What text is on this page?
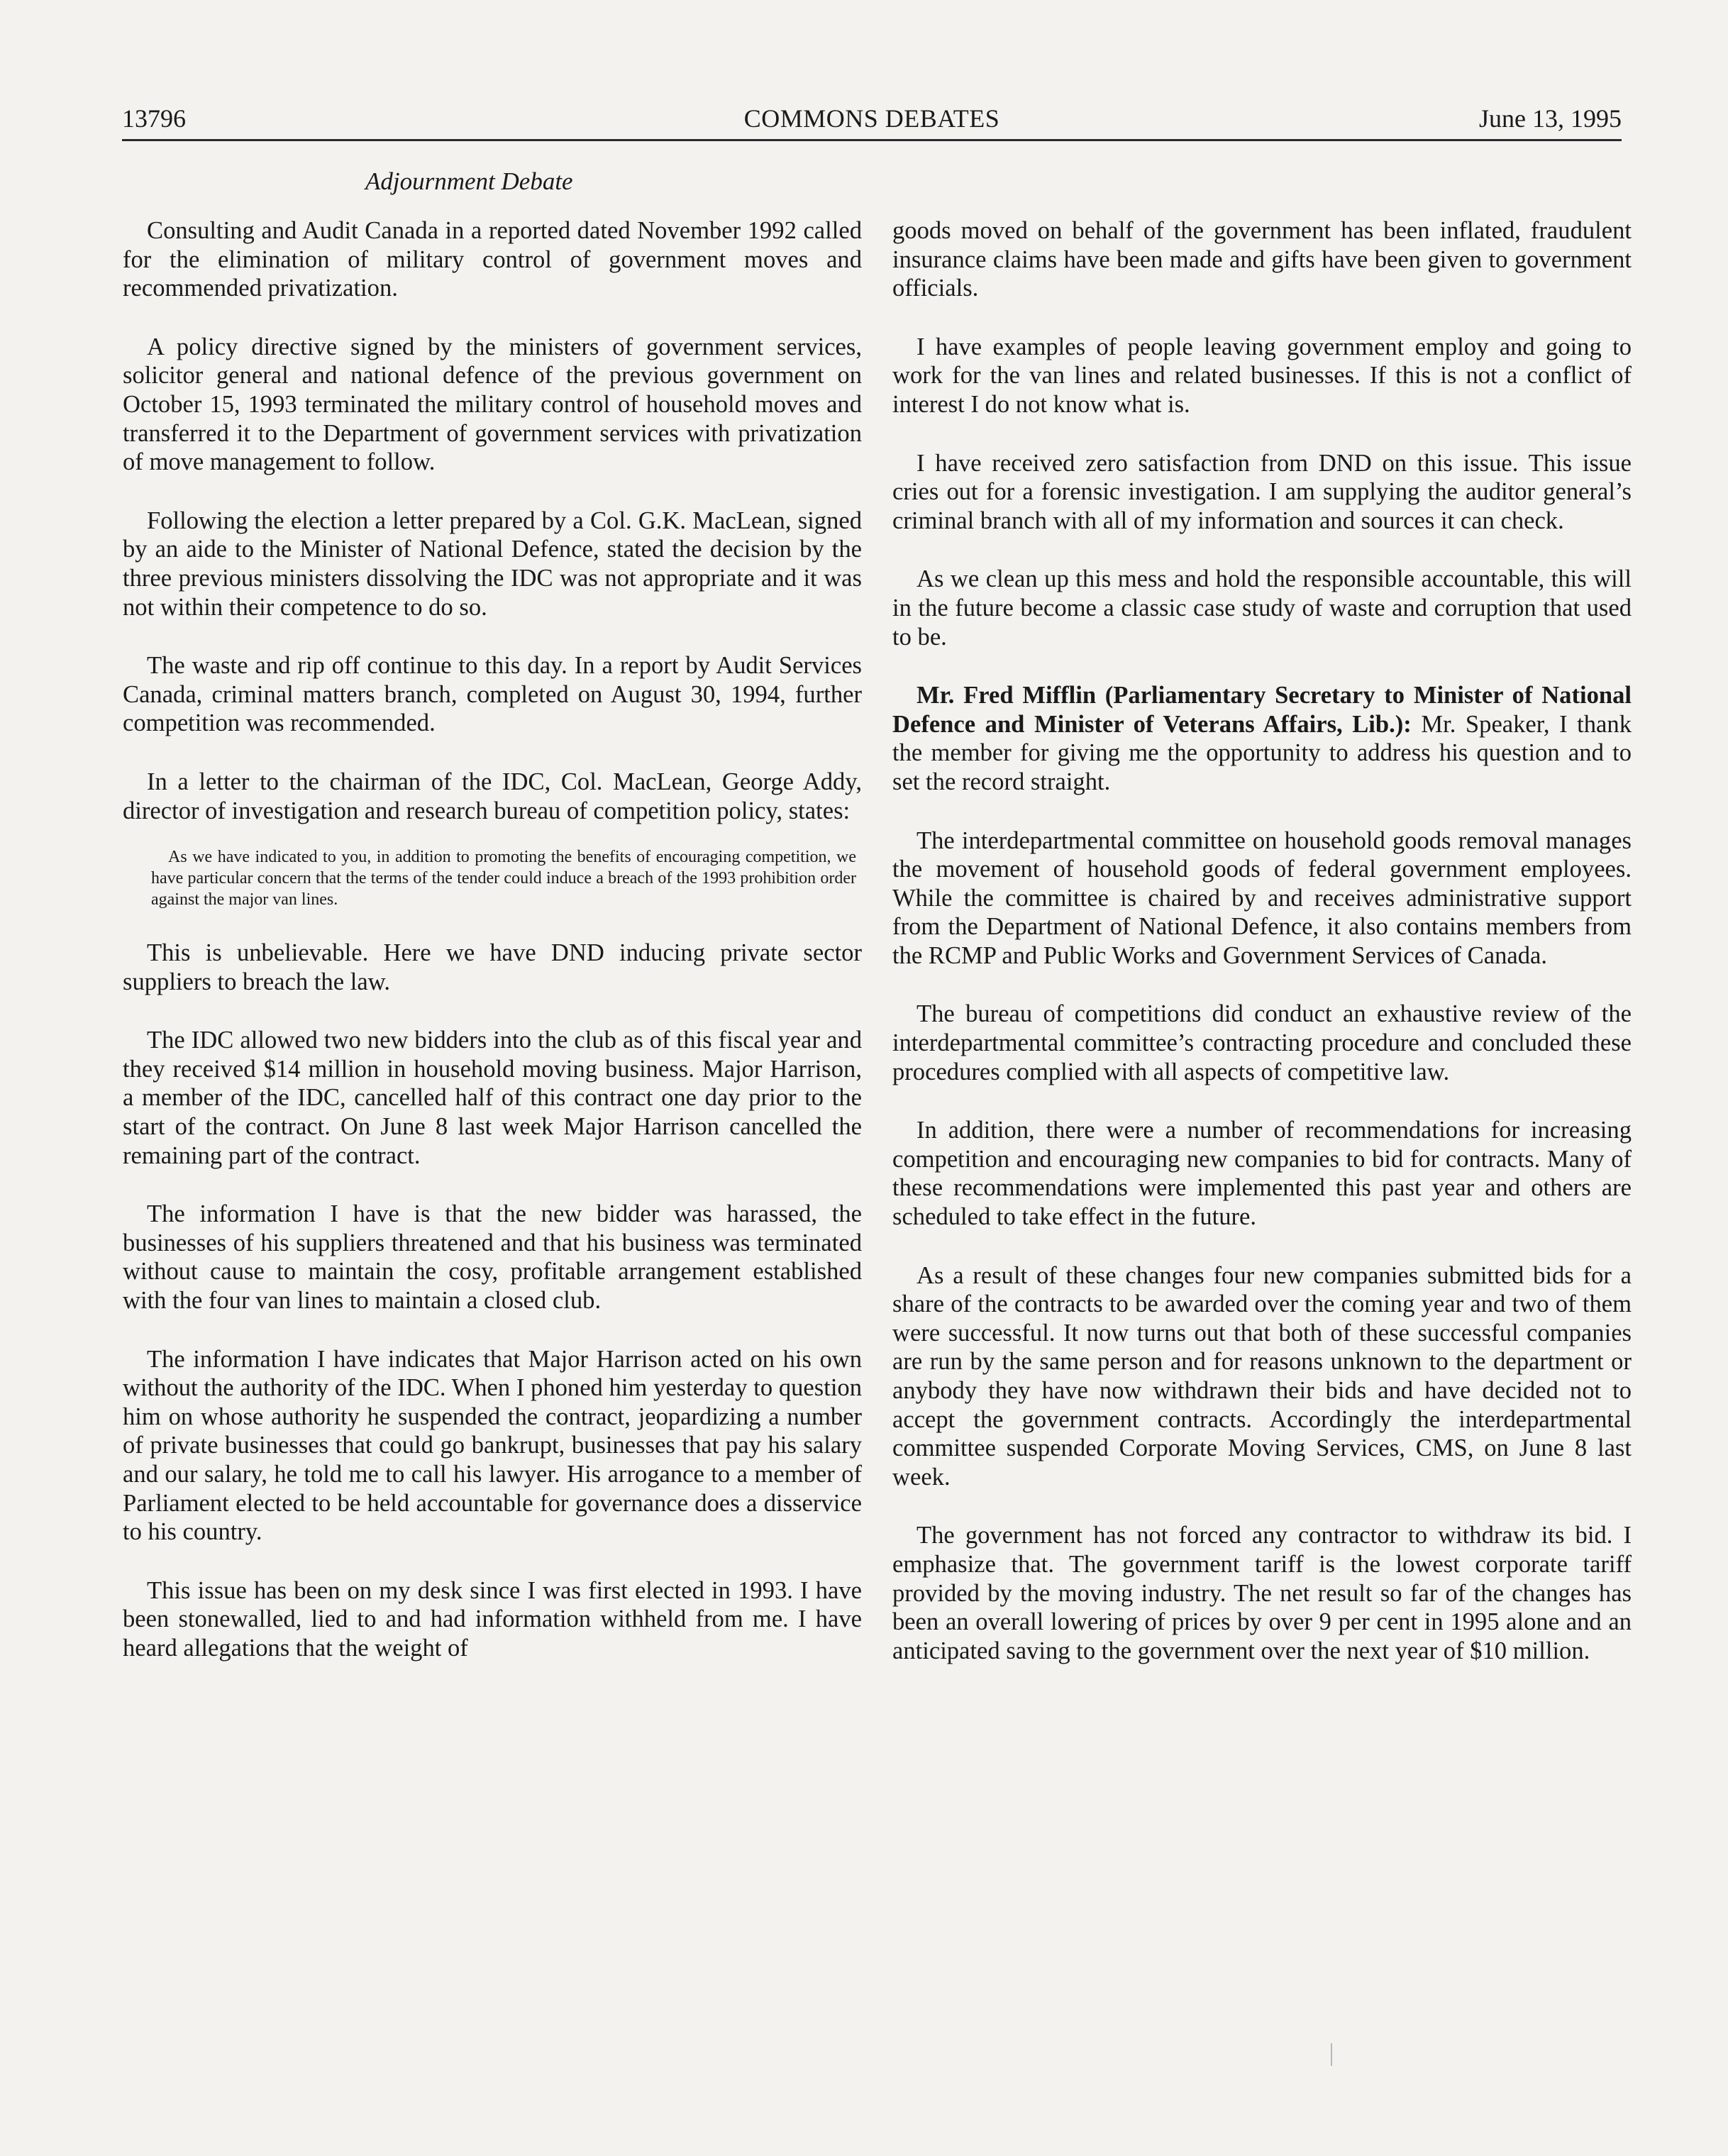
13796	COMMONS DEBATES	June 13, 1995
Adjournment Debate

Consulting and Audit Canada in a reported dated November 1992 called for the elimination of military control of government moves and recommended privatization.

A policy directive signed by the ministers of government services, solicitor general and national defence of the previous government on October 15, 1993 terminated the military control of household moves and transferred it to the Department of government services with privatization of move management to follow.

Following the election a letter prepared by a Col. G.K. MacLean, signed by an aide to the Minister of National Defence, stated the decision by the three previous ministers dissolving the IDC was not appropriate and it was not within their competence to do so.

The waste and rip off continue to this day. In a report by Audit Services Canada, criminal matters branch, completed on August 30, 1994, further competition was recommended.

In a letter to the chairman of the IDC, Col. MacLean, George Addy, director of investigation and research bureau of competition policy, states:

As we have indicated to you, in addition to promoting the benefits of encouraging competition, we have particular concern that the terms of the tender could induce a breach of the 1993 prohibition order against the major van lines.

This is unbelievable. Here we have DND inducing private sector suppliers to breach the law.

The IDC allowed two new bidders into the club as of this fiscal year and they received $14 million in household moving business. Major Harrison, a member of the IDC, cancelled half of this contract one day prior to the start of the contract. On June 8 last week Major Harrison cancelled the remaining part of the contract.

The information I have is that the new bidder was harassed, the businesses of his suppliers threatened and that his business was terminated without cause to maintain the cosy, profitable arrangement established with the four van lines to maintain a closed club.

The information I have indicates that Major Harrison acted on his own without the authority of the IDC. When I phoned him yesterday to question him on whose authority he suspended the contract, jeopardizing a number of private businesses that could go bankrupt, businesses that pay his salary and our salary, he told me to call his lawyer. His arrogance to a member of Parliament elected to be held accountable for governance does a disservice to his country.

This issue has been on my desk since I was first elected in 1993. I have been stonewalled, lied to and had information withheld from me. I have heard allegations that the weight of

goods moved on behalf of the government has been inflated, fraudulent insurance claims have been made and gifts have been given to government officials.

I have examples of people leaving government employ and going to work for the van lines and related businesses. If this is not a conflict of interest I do not know what is.

I have received zero satisfaction from DND on this issue. This issue cries out for a forensic investigation. I am supplying the auditor general’s criminal branch with all of my information and sources it can check.

As we clean up this mess and hold the responsible accountable, this will in the future become a classic case study of waste and corruption that used to be.

Mr. Fred Mifflin (Parliamentary Secretary to Minister of National Defence and Minister of Veterans Affairs, Lib.): Mr. Speaker, I thank the member for giving me the opportunity to address his question and to set the record straight.

The interdepartmental committee on household goods removal manages the movement of household goods of federal government employees. While the committee is chaired by and receives administrative support from the Department of National Defence, it also contains members from the RCMP and Public Works and Government Services of Canada.

The bureau of competitions did conduct an exhaustive review of the interdepartmental committee’s contracting procedure and concluded these procedures complied with all aspects of competitive law.

In addition, there were a number of recommendations for increasing competition and encouraging new companies to bid for contracts. Many of these recommendations were implemented this past year and others are scheduled to take effect in the future.

As a result of these changes four new companies submitted bids for a share of the contracts to be awarded over the coming year and two of them were successful. It now turns out that both of these successful companies are run by the same person and for reasons unknown to the department or anybody they have now withdrawn their bids and have decided not to accept the government contracts. Accordingly the interdepartmental committee suspended Corporate Moving Services, CMS, on June 8 last week.

The government has not forced any contractor to withdraw its bid. I emphasize that. The government tariff is the lowest corporate tariff provided by the moving industry. The net result so far of the changes has been an overall lowering of prices by over 9 per cent in 1995 alone and an anticipated saving to the government over the next year of $10 million.
